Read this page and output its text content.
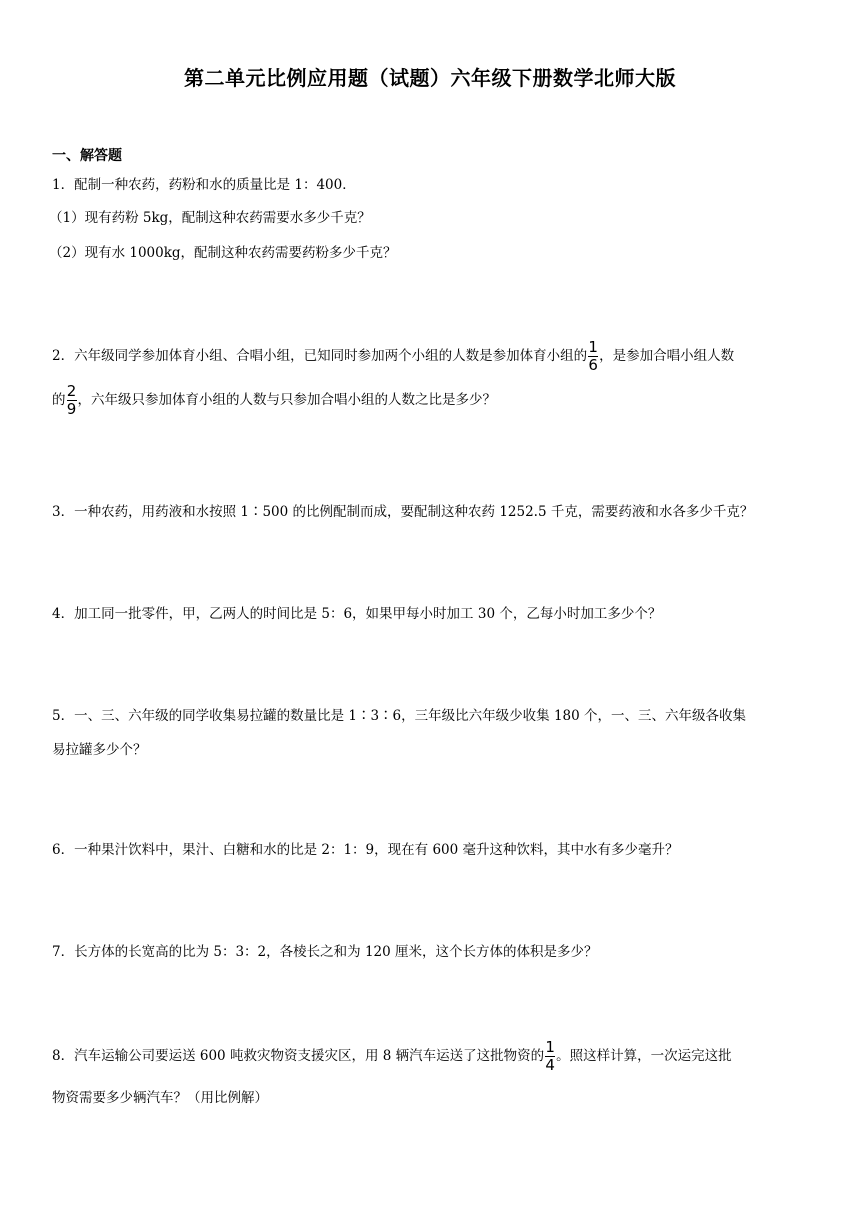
第二单元比例应用题（试题）六年级下册数学北师大版
一、解答题
1．配制一种农药，药粉和水的质量比是 1：400．
（1）现有药粉 5kg，配制这种农药需要水多少千克？
（2）现有水 1000kg，配制这种农药需要药粉多少千克？
2．六年级同学参加体育小组、合唱小组，已知同时参加两个小组的人数是参加体育小组的 $\frac{1}{6}$ ，是参加合唱小组人数
的 $\frac{2}{9}$ ，六年级只参加体育小组的人数与只参加合唱小组的人数之比是多少？
3．一种农药，用药液和水按照 1∶500 的比例配制而成，要配制这种农药 1252.5 千克，需要药液和水各多少千克？
4．加工同一批零件，甲，乙两人的时间比是 5：6，如果甲每小时加工 30 个，乙每小时加工多少个？
5．一、三、六年级的同学收集易拉罐的数量比是 1∶3∶6，三年级比六年级少收集 180 个，一、三、六年级各收集
易拉罐多少个？
6．一种果汁饮料中，果汁、白糖和水的比是 2：1：9，现在有 600 毫升这种饮料，其中水有多少毫升？
7．长方体的长宽高的比为 5：3：2，各棱长之和为 120 厘米，这个长方体的体积是多少？
8．汽车运输公司要运送 600 吨救灾物资支援灾区，用 8 辆汽车运送了这批物资的 $\frac{1}{4}$ 。照这样计算，一次运完这批
物资需要多少辆汽车？（用比例解）
